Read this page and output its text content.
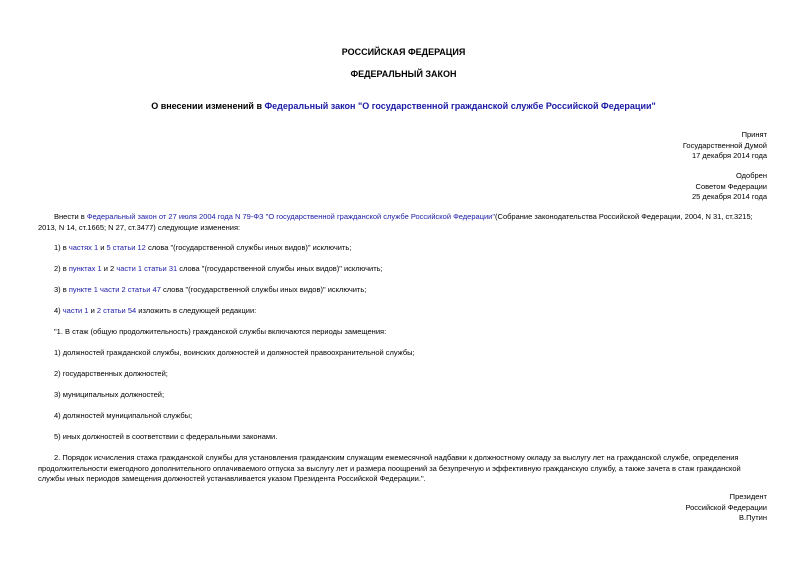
РОССИЙСКАЯ ФЕДЕРАЦИЯ
ФЕДЕРАЛЬНЫЙ ЗАКОН
О внесении изменений в Федеральный закон "О государственной гражданской службе Российской Федерации"
Принят
Государственной Думой
17 декабря 2014 года
Одобрен
Советом Федерации
25 декабря 2014 года
Внести в Федеральный закон от 27 июля 2004 года N 79-ФЗ "О государственной гражданской службе Российской Федерации"(Собрание законодательства Российской Федерации, 2004, N 31, ст.3215; 2013, N 14, ст.1665; N 27, ст.3477) следующие изменения:
1) в частях 1 и 5 статьи 12 слова "(государственной службы иных видов)" исключить;
2) в пунктах 1 и 2 части 1 статьи 31 слова "(государственной службы иных видов)" исключить;
3) в пункте 1 части 2 статьи 47 слова "(государственной службы иных видов)" исключить;
4) части 1 и 2 статьи 54 изложить в следующей редакции:
"1. В стаж (общую продолжительность) гражданской службы включаются периоды замещения:
1) должностей гражданской службы, воинских должностей и должностей правоохранительной службы;
2) государственных должностей;
3) муниципальных должностей;
4) должностей муниципальной службы;
5) иных должностей в соответствии с федеральными законами.
2. Порядок исчисления стажа гражданской службы для установления гражданским служащим ежемесячной надбавки к должностному окладу за выслугу лет на гражданской службе, определения продолжительности ежегодного дополнительного оплачиваемого отпуска за выслугу лет и размера поощрений за безупречную и эффективную гражданскую службу, а также зачета в стаж гражданской службы иных периодов замещения должностей устанавливается указом Президента Российской Федерации.".
Президент
Российской Федерации
В.Путин
